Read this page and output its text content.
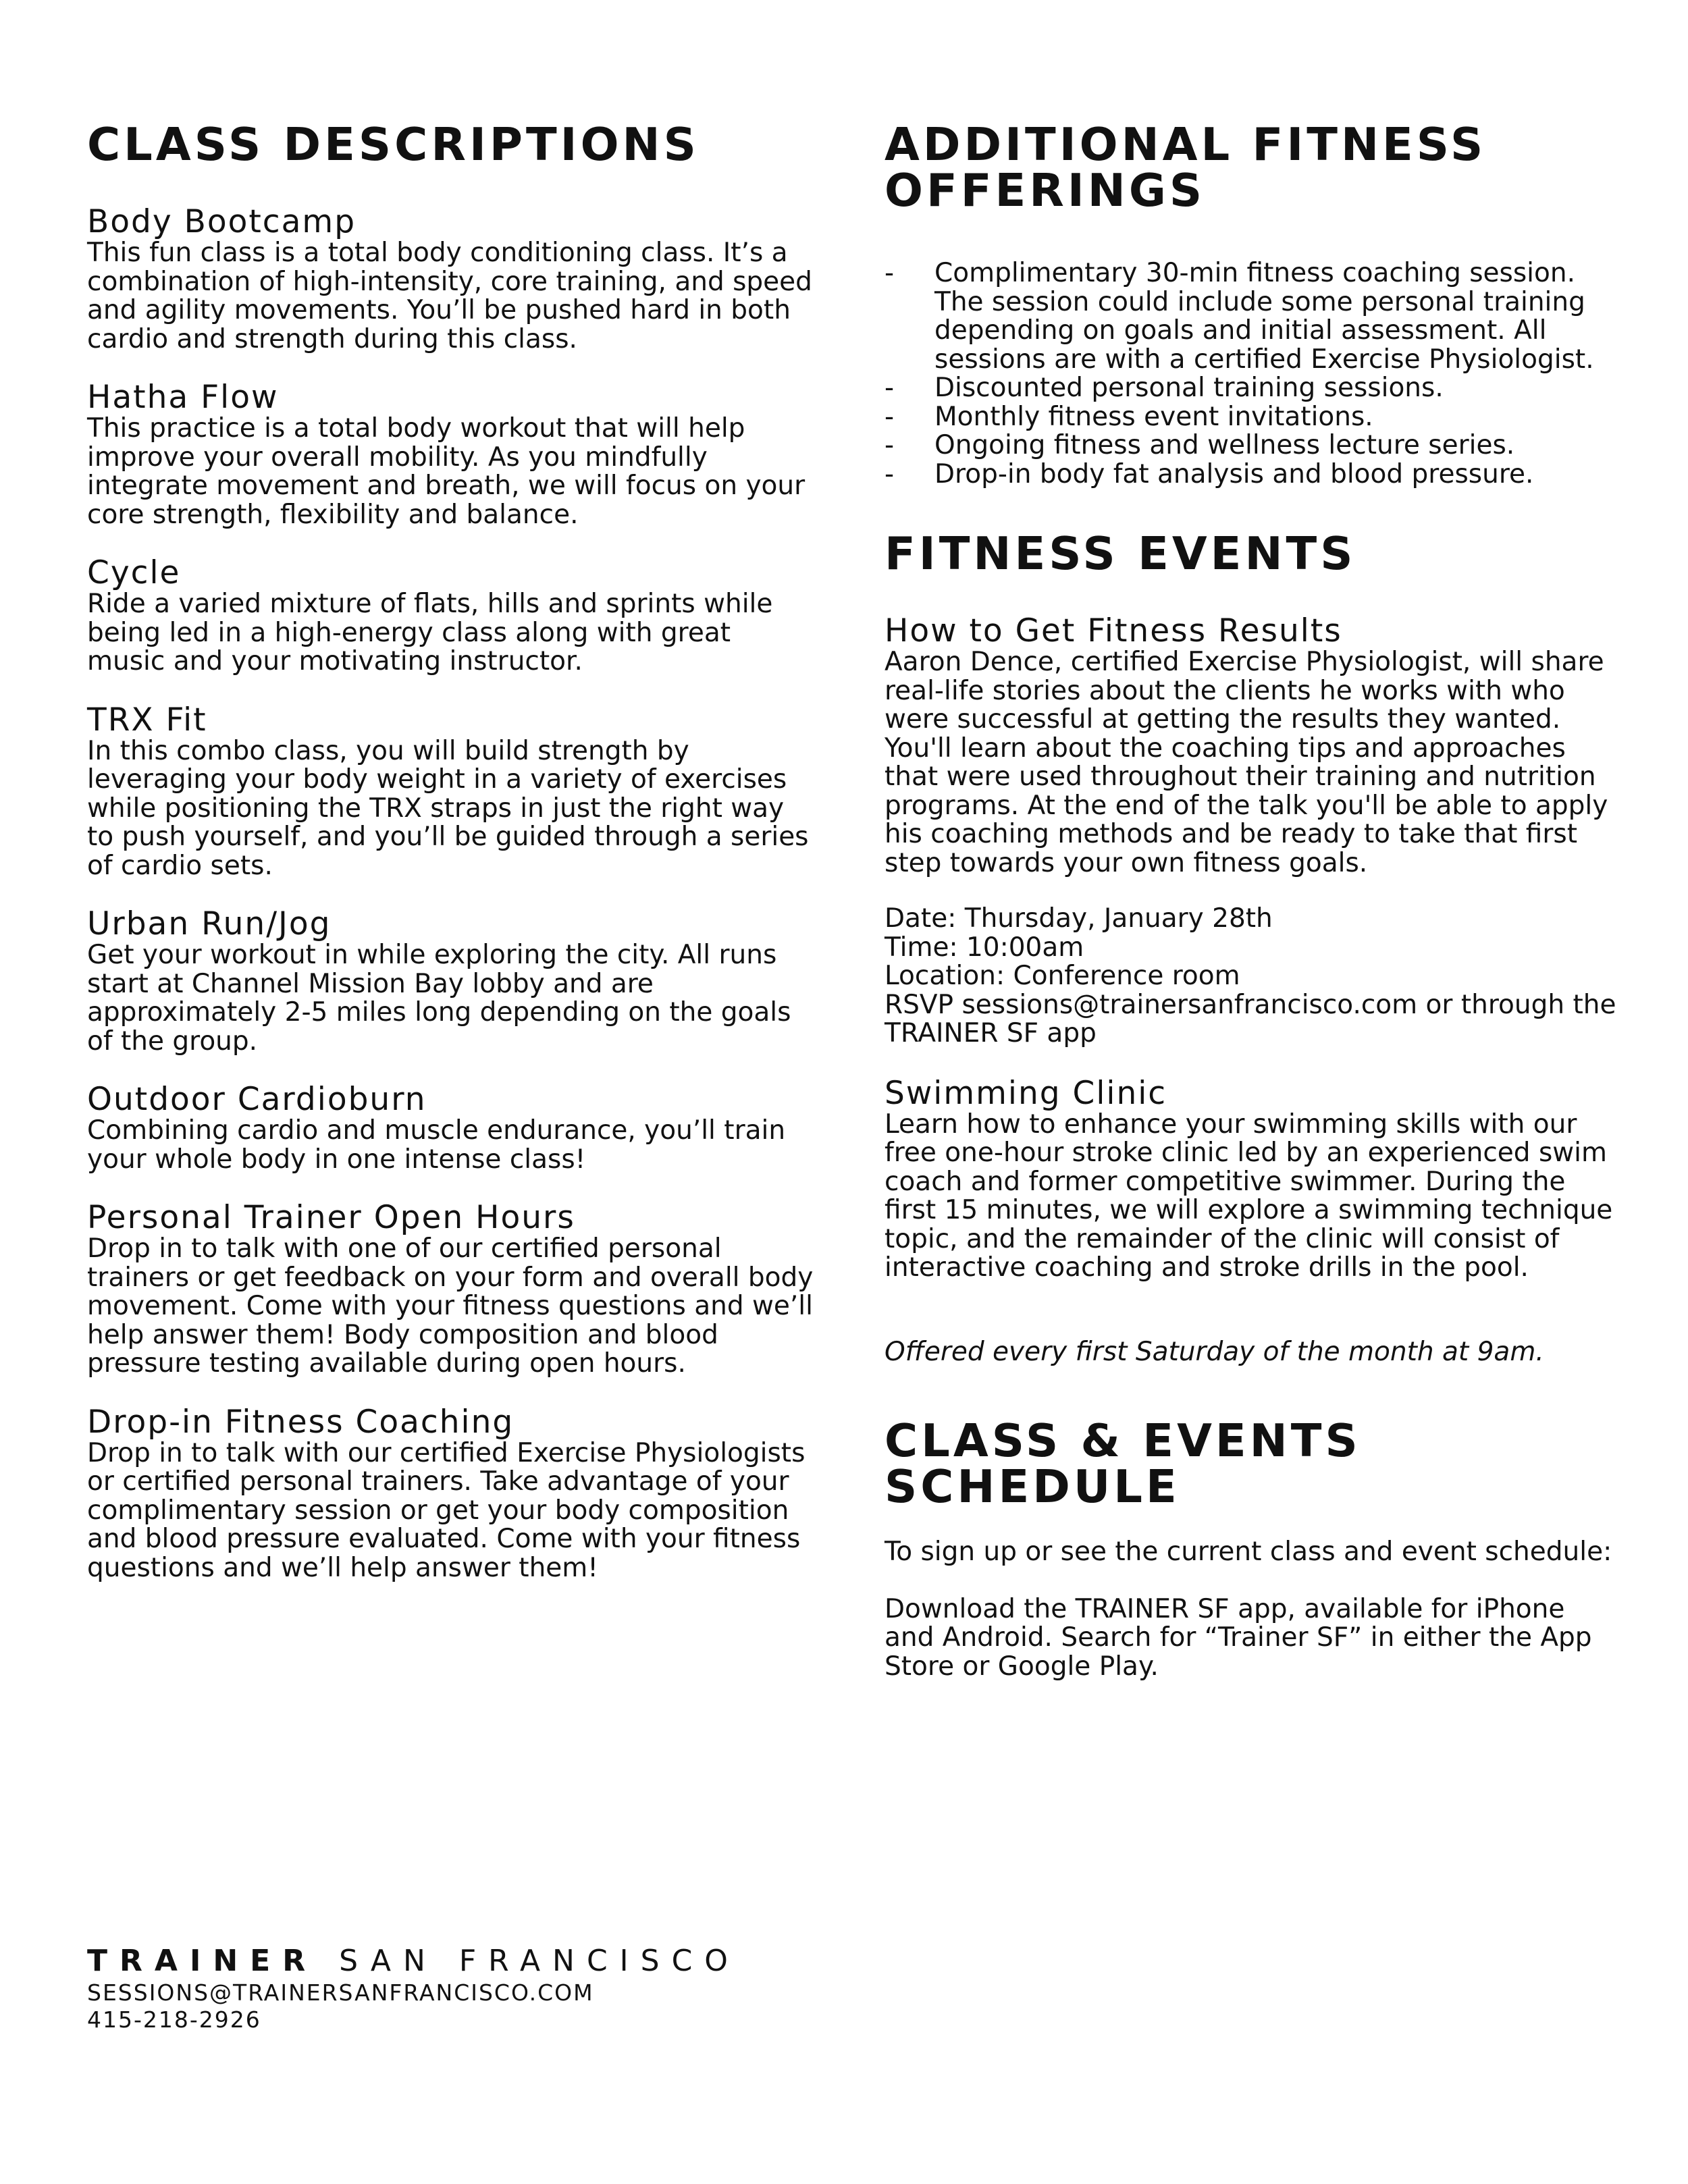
CLASS DESCRIPTIONS

Body Bootcamp

This fun class is a total body conditioning class. It’s a combination of high-intensity, core training, and speed and agility movements. You’ll be pushed hard in both cardio and strength during this class.

Hatha Flow

This practice is a total body workout that will help improve your overall mobility. As you mindfully integrate movement and breath, we will focus on your core strength, flexibility and balance.

Cycle

Ride a varied mixture of flats, hills and sprints while being led in a high-energy class along with great music and your motivating instructor.

TRX Fit

In this combo class, you will build strength by leveraging your body weight in a variety of exercises while positioning the TRX straps in just the right way to push yourself, and you’ll be guided through a series of cardio sets.

Urban Run/Jog

Get your workout in while exploring the city. All runs start at Channel Mission Bay lobby and are approximately 2-5 miles long depending on the goals of the group.

Outdoor Cardioburn

Combining cardio and muscle endurance, you’ll train your whole body in one intense class!

Personal Trainer Open Hours

Drop in to talk with one of our certified personal trainers or get feedback on your form and overall body movement. Come with your fitness questions and we’ll help answer them! Body composition and blood pressure testing available during open hours.

Drop-in Fitness Coaching

Drop in to talk with our certified Exercise Physiologists or certified personal trainers. Take advantage of your complimentary session or get your body composition and blood pressure evaluated. Come with your fitness questions and we’ll help answer them!

ADDITIONAL FITNESS OFFERINGS
- Complimentary 30-min fitness coaching session. The session could include some personal training depending on goals and initial assessment. All sessions are with a certified Exercise Physiologist.
- Discounted personal training sessions.
- Monthly fitness event invitations.
- Ongoing fitness and wellness lecture series.
- Drop-in body fat analysis and blood pressure.
FITNESS EVENTS

How to Get Fitness Results

Aaron Dence, certified Exercise Physiologist, will share real-life stories about the clients he works with who were successful at getting the results they wanted. You'll learn about the coaching tips and approaches that were used throughout their training and nutrition programs. At the end of the talk you'll be able to apply his coaching methods and be ready to take that first step towards your own fitness goals.

Date: Thursday, January 28th

Time: 10:00am

Location: Conference room

RSVP sessions@trainersanfrancisco.com or through the TRAINER SF app

Swimming Clinic

Learn how to enhance your swimming skills with our free one-hour stroke clinic led by an experienced swim coach and former competitive swimmer. During the first 15 minutes, we will explore a swimming technique topic, and the remainder of the clinic will consist of interactive coaching and stroke drills in the pool.

Offered every first Saturday of the month at 9am.

CLASS & EVENTS SCHEDULE

To sign up or see the current class and event schedule:

Download the TRAINER SF app, available for iPhone and Android. Search for “Trainer SF” in either the App Store or Google Play.

TRAINER SAN FRANCISCO
SESSIONS@TRAINERSANFRANCISCO.COM
415-218-2926
